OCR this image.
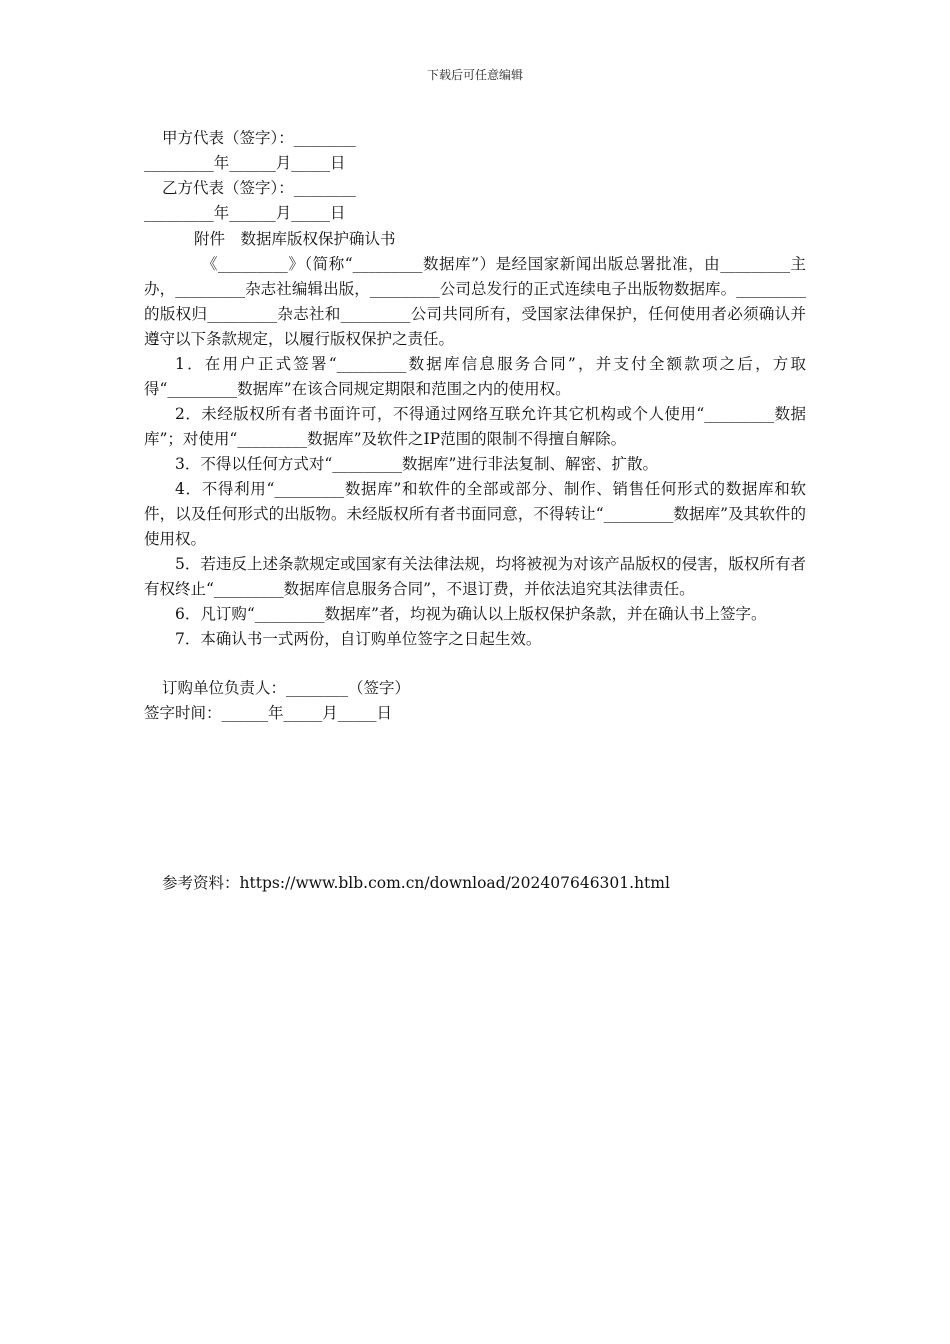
下载后可任意编辑

甲方代表（签字）：________

_________年______月_____日

乙方代表（签字）：________

_________年______月_____日

附件　数据库版权保护确认书

《_________》（简称“_________数据库”）是经国家新闻出版总署批准，由_________主办，_________杂志社编辑出版，_________公司总发行的正式连续电子出版物数据库。_________的版权归_________杂志社和_________公司共同所有，受国家法律保护，任何使用者必须确认并遵守以下条款规定，以履行版权保护之责任。

1．在用户正式签署“_________数据库信息服务合同”，并支付全额款项之后，方取得“_________数据库”在该合同规定期限和范围之内的使用权。

2．未经版权所有者书面许可，不得通过网络互联允许其它机构或个人使用“_________数据库”；对使用“_________数据库”及软件之IP范围的限制不得擅自解除。

3．不得以任何方式对“_________数据库”进行非法复制、解密、扩散。

4．不得利用“_________数据库”和软件的全部或部分、制作、销售任何形式的数据库和软件，以及任何形式的出版物。未经版权所有者书面同意，不得转让“_________数据库”及其软件的使用权。

5．若违反上述条款规定或国家有关法律法规，均将被视为对该产品版权的侵害，版权所有者有权终止“_________数据库信息服务合同”，不退订费，并依法追究其法律责任。

6．凡订购“_________数据库”者，均视为确认以上版权保护条款，并在确认书上签字。

7．本确认书一式两份，自订购单位签字之日起生效。

订购单位负责人：________（签字）

签字时间：______年_____月_____日

参考资料：https://www.blb.com.cn/download/202407646301.html
